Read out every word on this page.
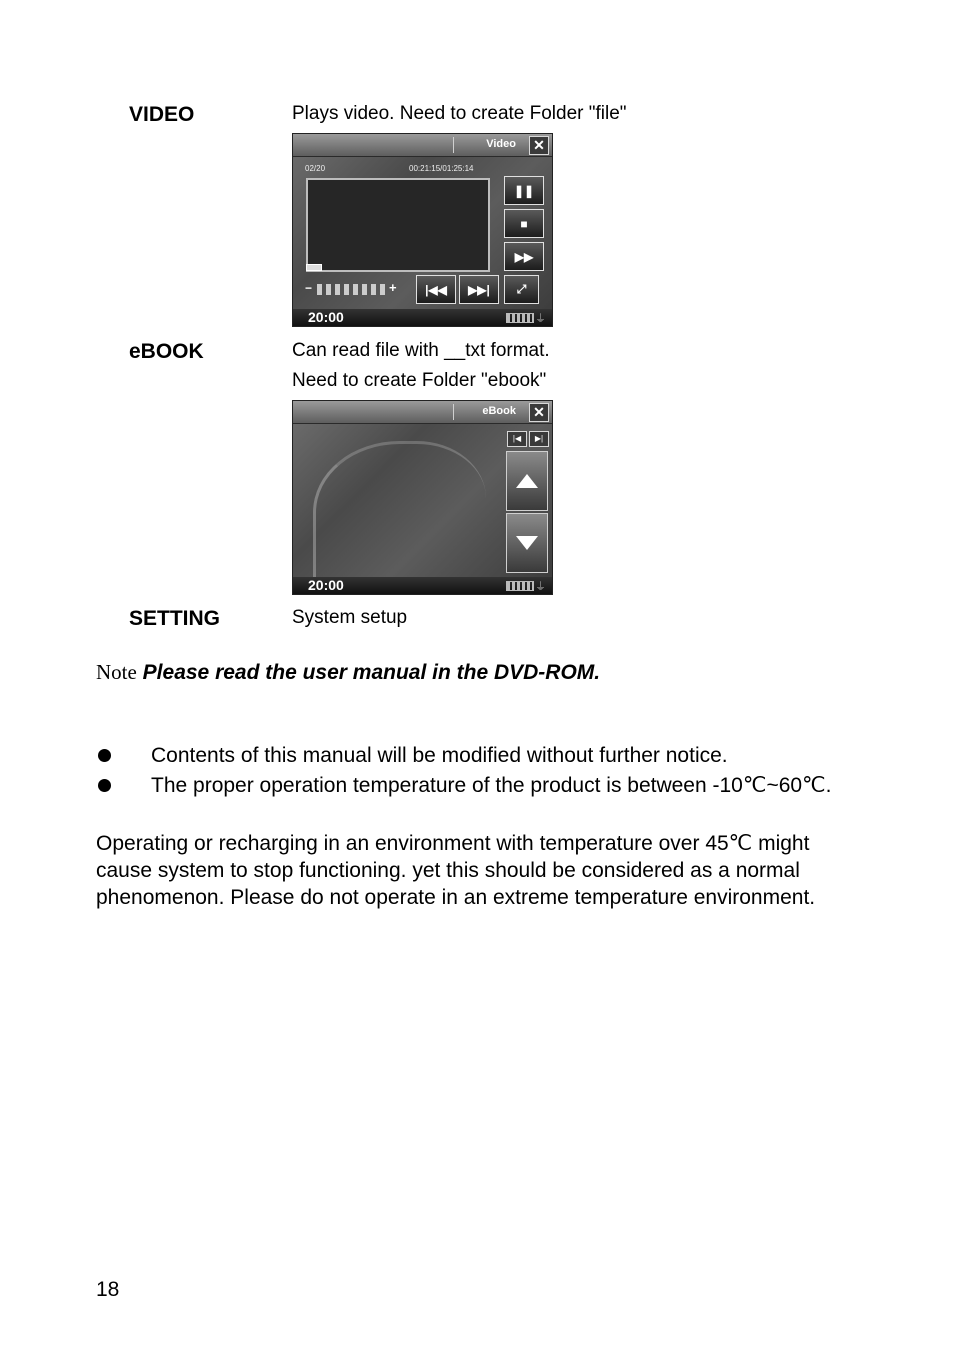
VIDEO	Plays video. Need to create Folder "file"
Video ✕
02/20	00:21:15/01:25:14
❚❚
■
▶▶
−	+	|◀◀	▶▶|	⤢
20:00	⏚
eBOOK	Can read file with __txt format.
Need to create Folder "ebook"
eBook ✕
|◀	▶|
20:00	⏚
SETTING	System setup
Note Please read the user manual in the DVD-ROM.
Contents of this manual will be modified without further notice.
The proper operation temperature of the product is between -10℃~60℃.
Operating or recharging in an environment with temperature over 45℃ might cause system to stop functioning. yet this should be considered as a normal phenomenon. Please do not operate in an extreme temperature environment.
18
